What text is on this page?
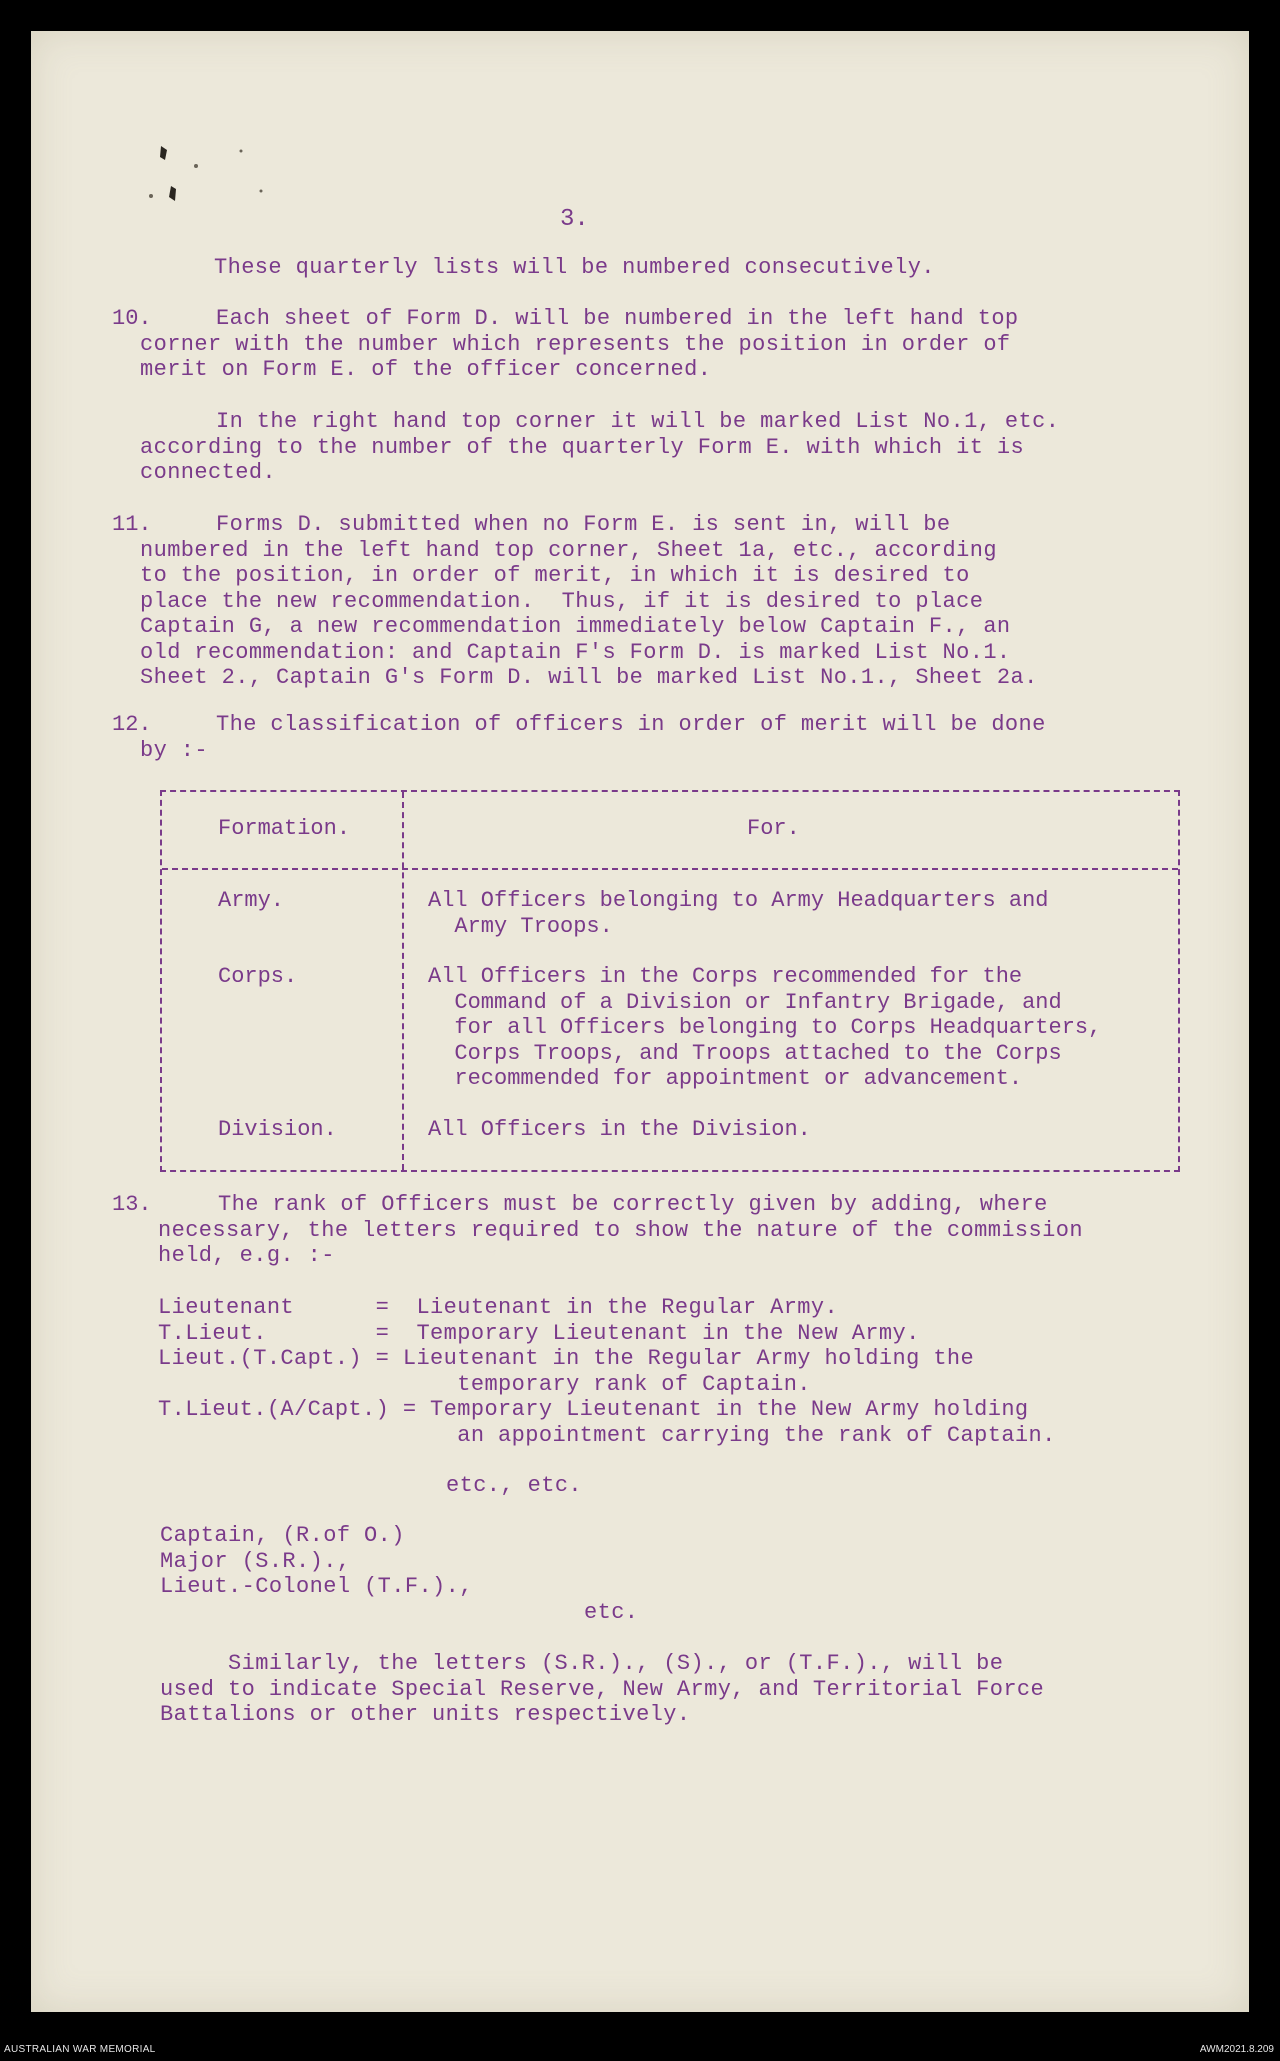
3.
These quarterly lists will be numbered consecutively.
10.	Each sheet of Form D. will be numbered in the left hand top
corner with the number which represents the position in order of
merit on Form E. of the officer concerned.
In the right hand top corner it will be marked List No.1, etc.
according to the number of the quarterly Form E. with which it is
connected.
11.	Forms D. submitted when no Form E. is sent in, will be
numbered in the left hand top corner, Sheet 1a, etc., according
to the position, in order of merit, in which it is desired to
place the new recommendation.  Thus, if it is desired to place
Captain G, a new recommendation immediately below Captain F., an
old recommendation: and Captain F's Form D. is marked List No.1.
Sheet 2., Captain G's Form D. will be marked List No.1., Sheet 2a.
12.	The classification of officers in order of merit will be done
by :-
Formation.	For.
Army.	All Officers belonging to Army Headquarters and
Army Troops.
Corps.	All Officers in the Corps recommended for the
Command of a Division or Infantry Brigade, and
for all Officers belonging to Corps Headquarters,
Corps Troops, and Troops attached to the Corps
recommended for appointment or advancement.
Division.	All Officers in the Division.
13.	The rank of Officers must be correctly given by adding, where
necessary, the letters required to show the nature of the commission
held, e.g. :-
Lieutenant      =  Lieutenant in the Regular Army.
T.Lieut.        =  Temporary Lieutenant in the New Army.
Lieut.(T.Capt.) = Lieutenant in the Regular Army holding the
temporary rank of Captain.
T.Lieut.(A/Capt.) = Temporary Lieutenant in the New Army holding
an appointment carrying the rank of Captain.
etc., etc.
Captain, (R.of O.)
Major (S.R.).,
Lieut.-Colonel (T.F.).,
etc.
Similarly, the letters (S.R.)., (S)., or (T.F.)., will be
used to indicate Special Reserve, New Army, and Territorial Force
Battalions or other units respectively.
AUSTRALIAN WAR MEMORIAL	AWM2021.8.209
